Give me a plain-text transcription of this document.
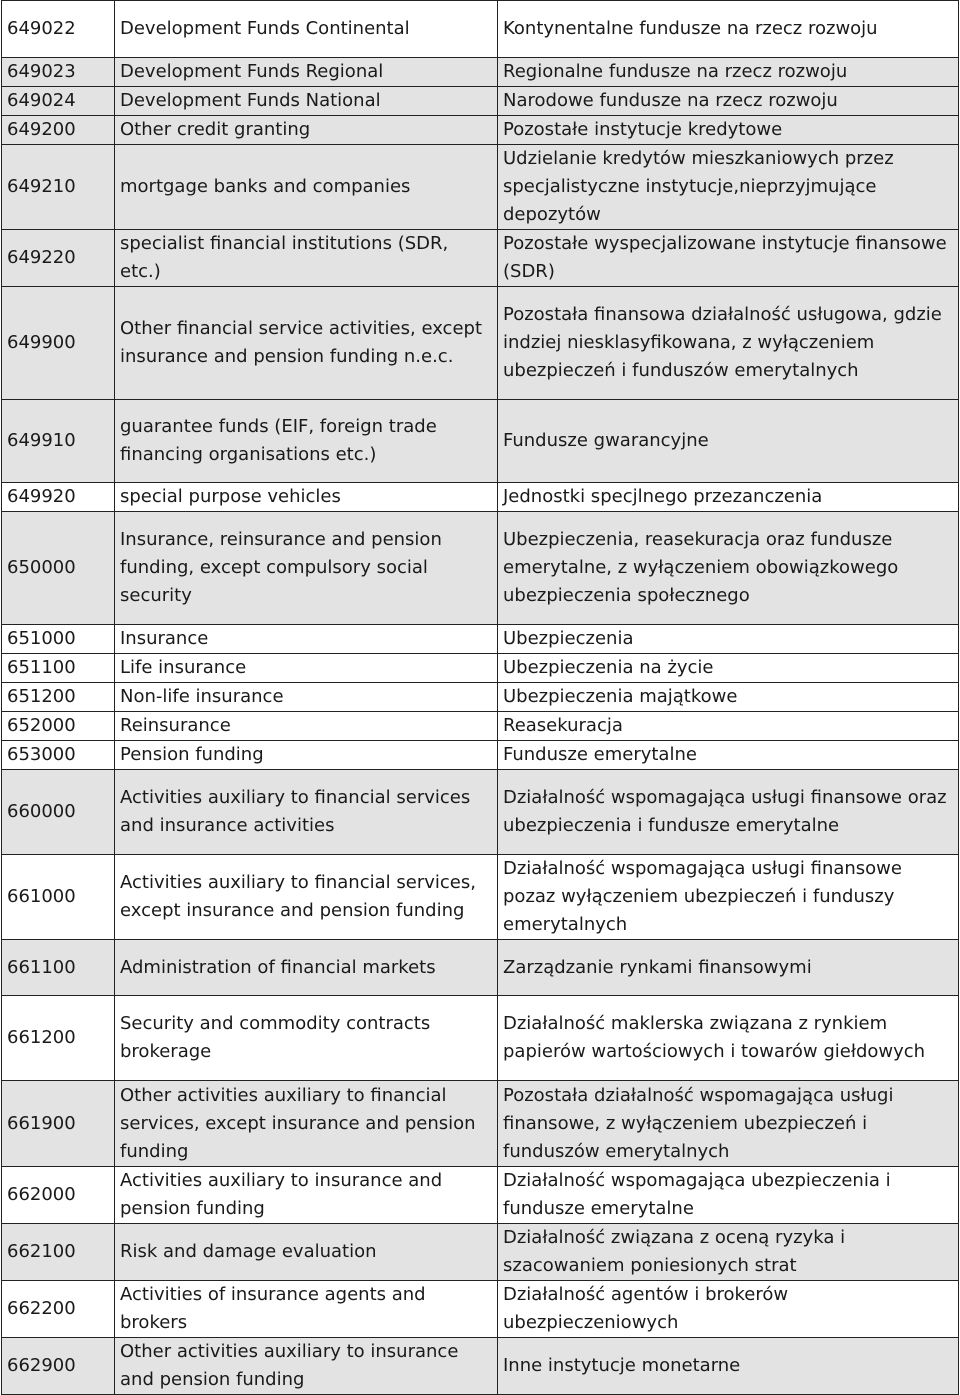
649022	Development Funds Continental	Kontynentalne fundusze na rzecz rozwoju
649023	Development Funds Regional	Regionalne fundusze na rzecz rozwoju
649024	Development Funds National	Narodowe fundusze na rzecz rozwoju
649200	Other credit granting	Pozostałe instytucje kredytowe
649210	mortgage banks and companies	Udzielanie kredytów mieszkaniowych przez specjalistyczne instytucje,nieprzyjmujące depozytów
649220	specialist financial institutions (SDR, etc.)	Pozostałe wyspecjalizowane instytucje finansowe (SDR)
649900	Other financial service activities, except insurance and pension funding n.e.c.	Pozostała finansowa działalność usługowa, gdzie indziej niesklasyfikowana, z wyłączeniem ubezpieczeń i funduszów emerytalnych
649910	guarantee funds (EIF, foreign trade financing organisations etc.)	Fundusze gwarancyjne
649920	special purpose vehicles	Jednostki specjlnego przezanczenia
650000	Insurance, reinsurance and pension funding, except compulsory social security	Ubezpieczenia, reasekuracja oraz fundusze emerytalne, z wyłączeniem obowiązkowego ubezpieczenia społecznego
651000	Insurance	Ubezpieczenia
651100	Life insurance	Ubezpieczenia na życie
651200	Non-life insurance	Ubezpieczenia majątkowe
652000	Reinsurance	Reasekuracja
653000	Pension funding	Fundusze emerytalne
660000	Activities auxiliary to financial services and insurance activities	Działalność wspomagająca usługi finansowe oraz ubezpieczenia i fundusze emerytalne
661000	Activities auxiliary to financial services, except insurance and pension funding	Działalność wspomagająca usługi finansowe pozaz wyłączeniem ubezpieczeń i funduszy emerytalnych
661100	Administration of financial markets	Zarządzanie rynkami finansowymi
661200	Security and commodity contracts brokerage	Działalność maklerska związana z rynkiem papierów wartościowych i towarów giełdowych
661900	Other activities auxiliary to financial services, except insurance and pension funding	Pozostała działalność wspomagająca usługi finansowe, z wyłączeniem ubezpieczeń i funduszów emerytalnych
662000	Activities auxiliary to insurance and pension funding	Działalność wspomagająca ubezpieczenia i fundusze emerytalne
662100	Risk and damage evaluation	Działalność związana z oceną ryzyka i szacowaniem poniesionych strat
662200	Activities of insurance agents and brokers	Działalność agentów i brokerów ubezpieczeniowych
662900	Other activities auxiliary to insurance and pension funding	Inne instytucje monetarne
